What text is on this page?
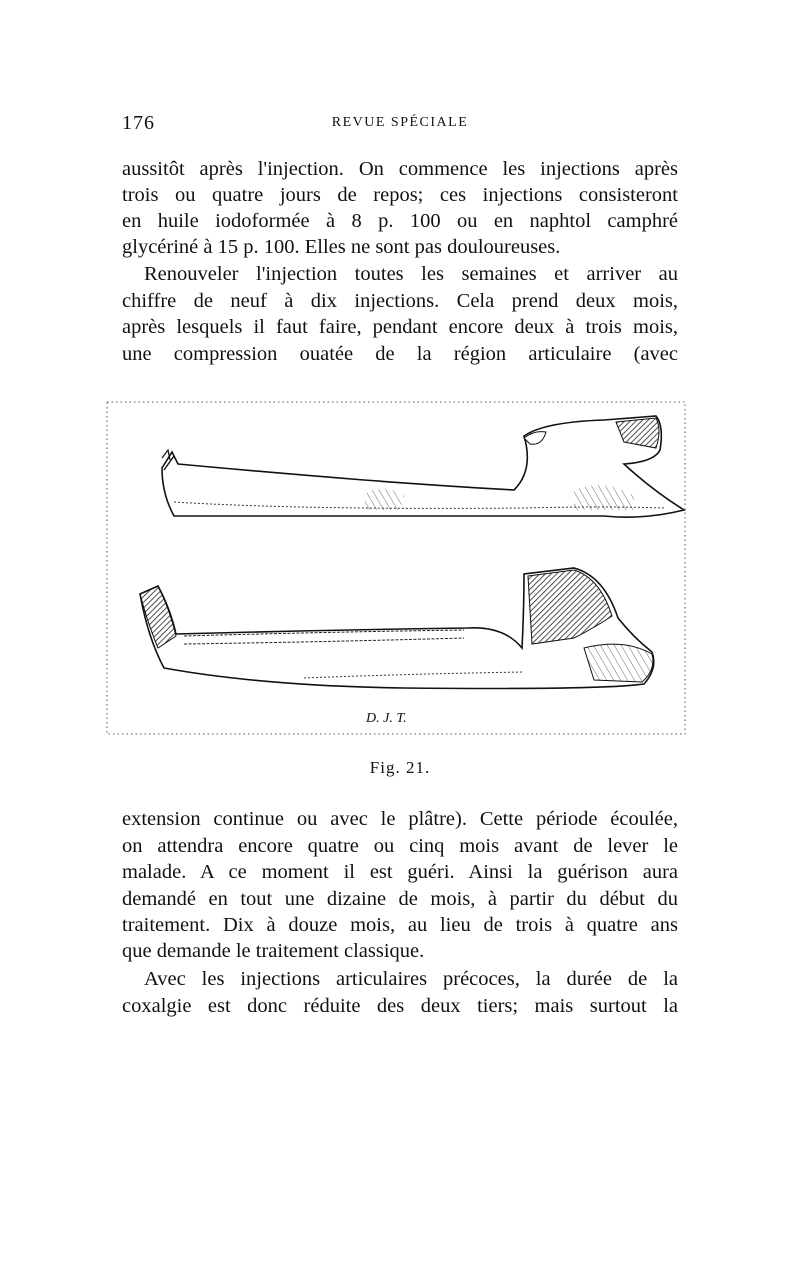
176	REVUE SPÉCIALE
aussitôt après l'injection. On commence les injections après
trois ou quatre jours de repos; ces injections consisteront
en huile iodoformée à 8 p. 100 ou en naphtol camphré
glycériné à 15 p. 100. Elles ne sont pas douloureuses.
Renouveler l'injection toutes les semaines et arriver au
chiffre de neuf à dix injections. Cela prend deux mois,
après lesquels il faut faire, pendant encore deux à trois mois,
une compression ouatée de la région articulaire (avec
D. J. T.
Fig. 21.
extension continue ou avec le plâtre). Cette période écoulée,
on attendra encore quatre ou cinq mois avant de lever le
malade. A ce moment il est guéri. Ainsi la guérison aura
demandé en tout une dizaine de mois, à partir du début du
traitement. Dix à douze mois, au lieu de trois à quatre ans
que demande le traitement classique.
Avec les injections articulaires précoces, la durée de la
coxalgie est donc réduite des deux tiers; mais surtout la
